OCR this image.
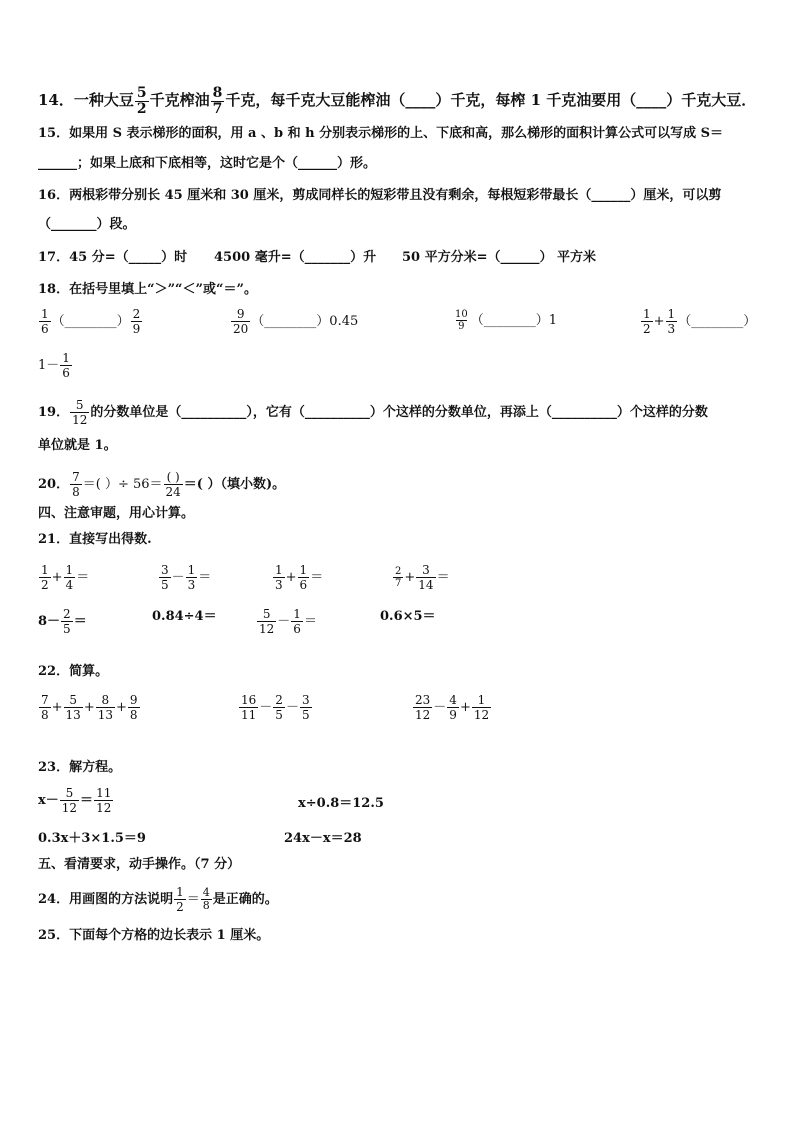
14．一种大豆 $\frac{5}{2}$ 千克榨油 $\frac{8}{7}$ 千克，每千克大豆能榨油（____）千克，每榨 1 千克油要用（____）千克大豆．
15．如果用 S 表示梯形的面积，用 a 、b 和 h 分别表示梯形的上、下底和高，那么梯形的面积计算公式可以写成 S＝
______；如果上底和下底相等，这时它是个（______）形。
16．两根彩带分别长 45 厘米和 30 厘米，剪成同样长的短彩带且没有剩余，每根短彩带最长（______）厘米，可以剪
（_______）段。
17．45 分=（_____）时 4500 毫升=（_______）升 50 平方分米=（______） 平方米
18．在括号里填上“＞”“＜”或“＝”。
$\frac{1}{6}$ （________） $\frac{2}{9}$	$\frac{9}{20}$ （________）0.45	$\frac{10}{9}$ （________）1	$\frac{1}{2} + \frac{1}{3}$ （________）
$1- \frac{1}{6}$
19． $\frac{5}{12}$ 的分数单位是（__________），它有（__________）个这样的分数单位，再添上（__________）个这样的分数
单位就是 1。
20． $\frac{7}{8}$ ＝( ）÷ $56= \frac{( )}{24}$ ＝( ）（填小数)。
四、注意审题，用心计算。
21．直接写出得数.
$\frac{1}{2} + \frac{1}{4}$ ＝	$\frac{3}{5} - \frac{1}{3}$ ＝	$\frac{1}{3} + \frac{1}{6}$ ＝	$\frac{2}{7} + \frac{3}{14}$ ＝
$8- \frac{2}{5}$ ＝	0.84÷4＝	$\frac{5}{12} - \frac{1}{6}$ ＝	0.6×5＝
22．简算。
$\frac{7}{8} + \frac{5}{13} + \frac{8}{13} + \frac{9}{8}$	$\frac{16}{11} - \frac{2}{5} - \frac{3}{5}$	$\frac{23}{12} - \frac{4}{9} + \frac{1}{12}$
23．解方程。
$x- \frac{5}{12} = \frac{11}{12}$	x÷0.8＝12.5
0.3x＋3×1.5＝9	24x－x＝28
五、看清要求，动手操作。（7 分）
24．用画图的方法说明 $\frac{1}{2} = \frac{4}{8}$ 是正确的。
25．下面每个方格的边长表示 1 厘米。
